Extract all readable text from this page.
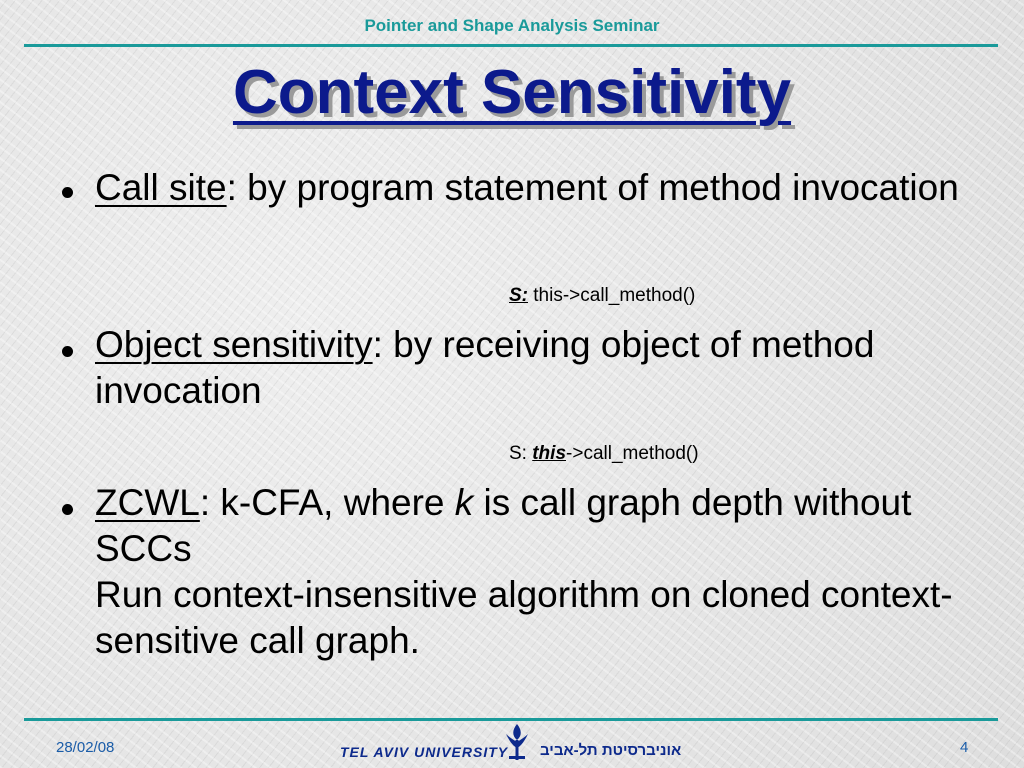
Pointer and Shape Analysis Seminar
Context Sensitivity
Call site: by program statement of method invocation
S: this->call_method()
Object sensitivity: by receiving object of method invocation
S: this->call_method()
ZCWL: k-CFA, where k is call graph depth without SCCs
Run context-insensitive algorithm on cloned context-sensitive call graph.
28/02/08	TEL AVIV UNIVERSITY אוניברסיטת תל-אביב	4
